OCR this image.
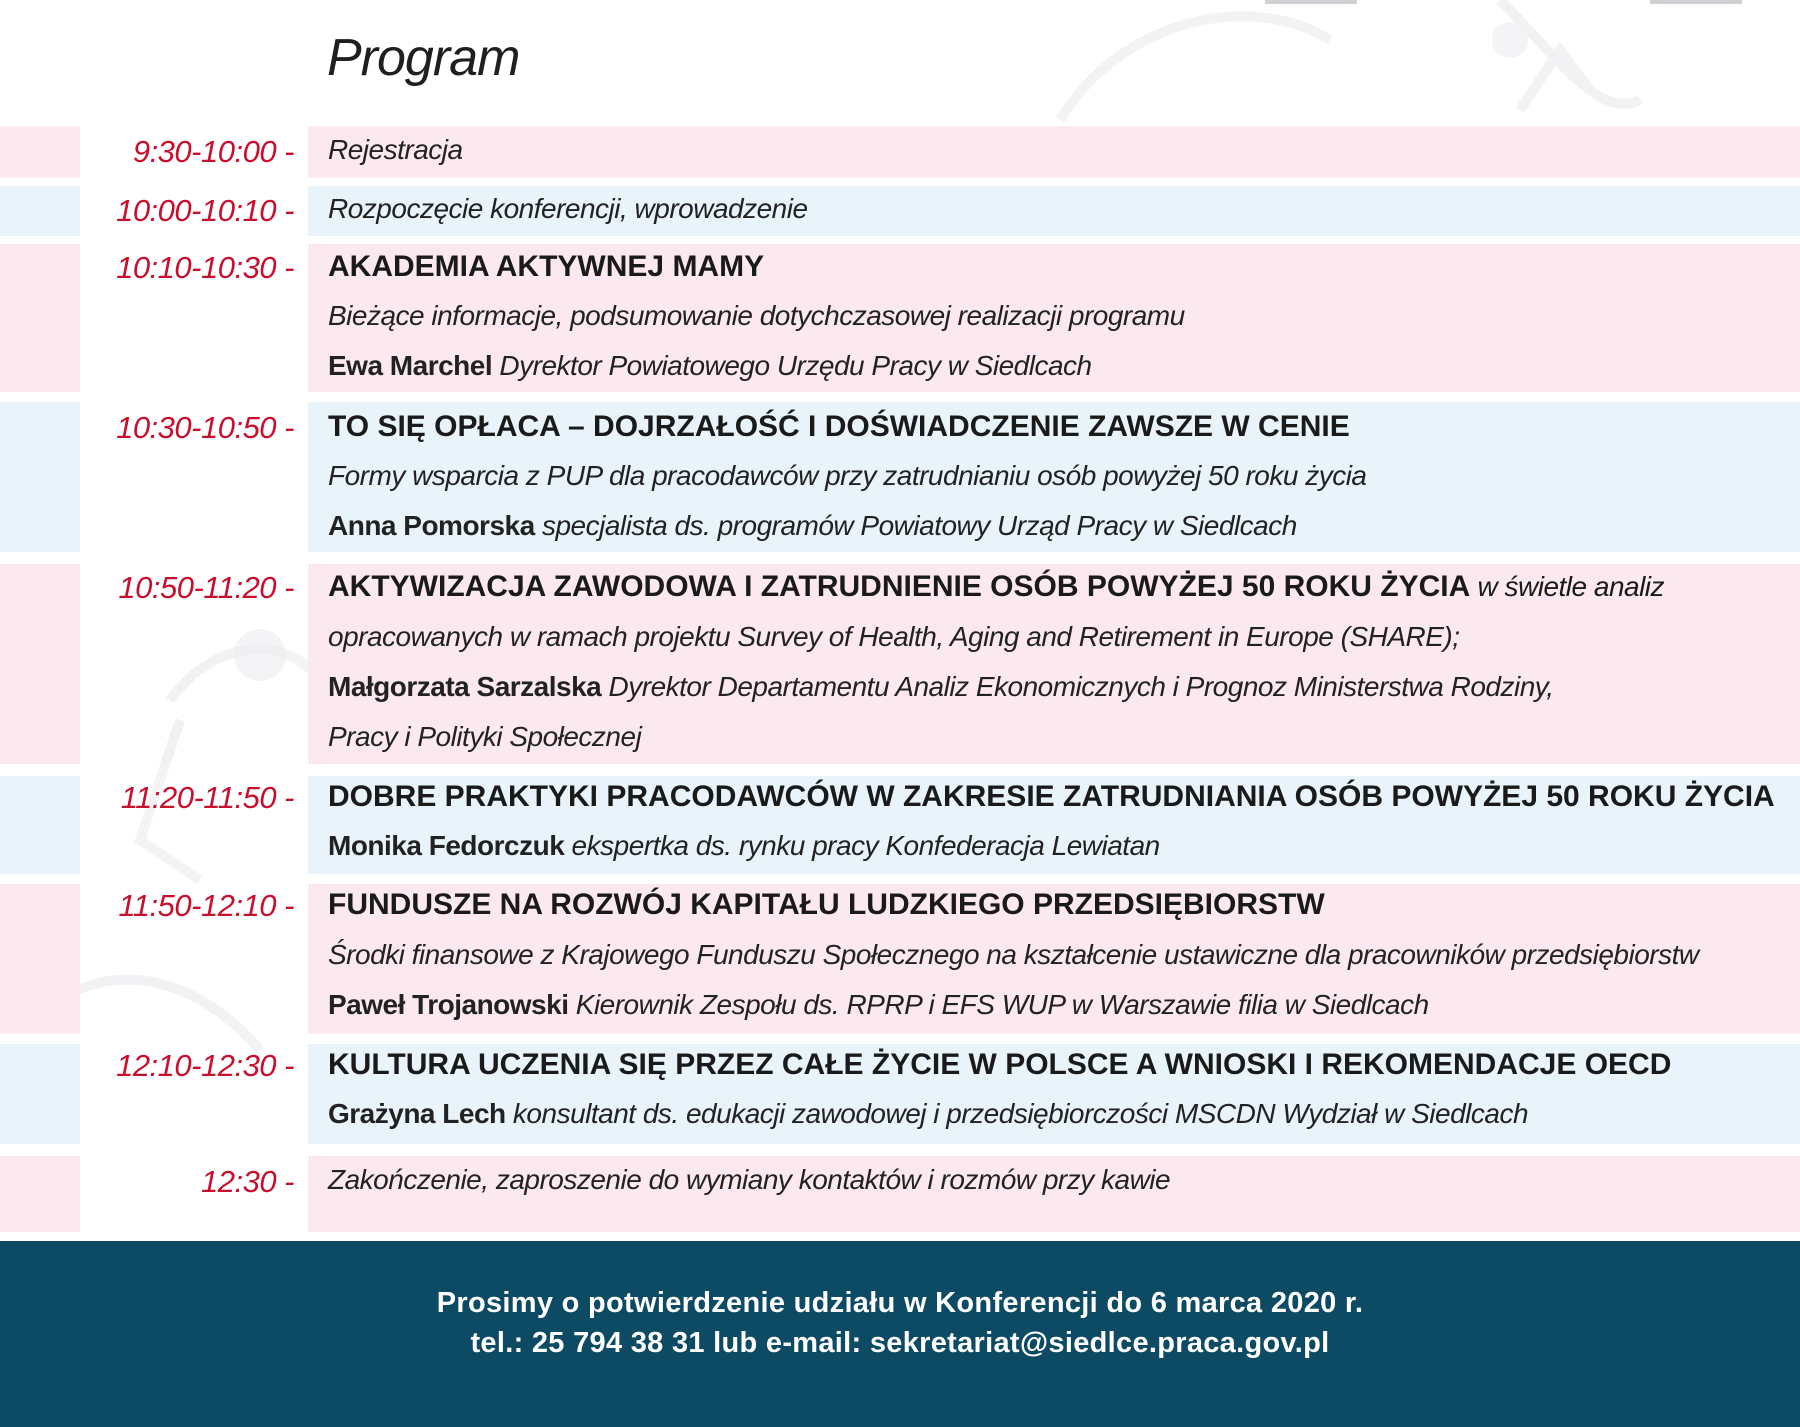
Program
9:30-10:00 - Rejestracja
10:00-10:10 - Rozpoczęcie konferencji, wprowadzenie
10:10-10:30 - AKADEMIA AKTYWNEJ MAMY
Bieżące informacje, podsumowanie dotychczasowej realizacji programu
Ewa Marchel Dyrektor Powiatowego Urzędu Pracy w Siedlcach
10:30-10:50 - TO SIĘ OPŁACA – DOJRZAŁOŚĆ I DOŚWIADCZENIE ZAWSZE W CENIE
Formy wsparcia z PUP dla pracodawców przy zatrudnianiu osób powyżej 50 roku życia
Anna Pomorska specjalista ds. programów Powiatowy Urząd Pracy w Siedlcach
10:50-11:20 - AKTYWIZACJA ZAWODOWA I ZATRUDNIENIE OSÓB POWYŻEJ 50 ROKU ŻYCIA w świetle analiz
opracowanych w ramach projektu Survey of Health, Aging and Retirement in Europe (SHARE);
Małgorzata Sarzalska Dyrektor Departamentu Analiz Ekonomicznych i Prognoz Ministerstwa Rodziny,
Pracy i Polityki Społecznej
11:20-11:50 - DOBRE PRAKTYKI PRACODAWCÓW W ZAKRESIE ZATRUDNIANIA OSÓB POWYŻEJ 50 ROKU ŻYCIA
Monika Fedorczuk ekspertka ds. rynku pracy Konfederacja Lewiatan
11:50-12:10 - FUNDUSZE NA ROZWÓJ KAPITAŁU LUDZKIEGO PRZEDSIĘBIORSTW
Środki finansowe z Krajowego Funduszu Społecznego na kształcenie ustawiczne dla pracowników przedsiębiorstw
Paweł Trojanowski Kierownik Zespołu ds. RPRP i EFS WUP w Warszawie filia w Siedlcach
12:10-12:30 - KULTURA UCZENIA SIĘ PRZEZ CAŁE ŻYCIE W POLSCE A WNIOSKI I REKOMENDACJE OECD
Grażyna Lech konsultant ds. edukacji zawodowej i przedsiębiorczości MSCDN Wydział w Siedlcach
12:30 - Zakończenie, zaproszenie do wymiany kontaktów i rozmów przy kawie
Prosimy o potwierdzenie udziału w Konferencji do 6 marca 2020 r.
tel.: 25 794 38 31 lub e-mail: sekretariat@siedlce.praca.gov.pl
